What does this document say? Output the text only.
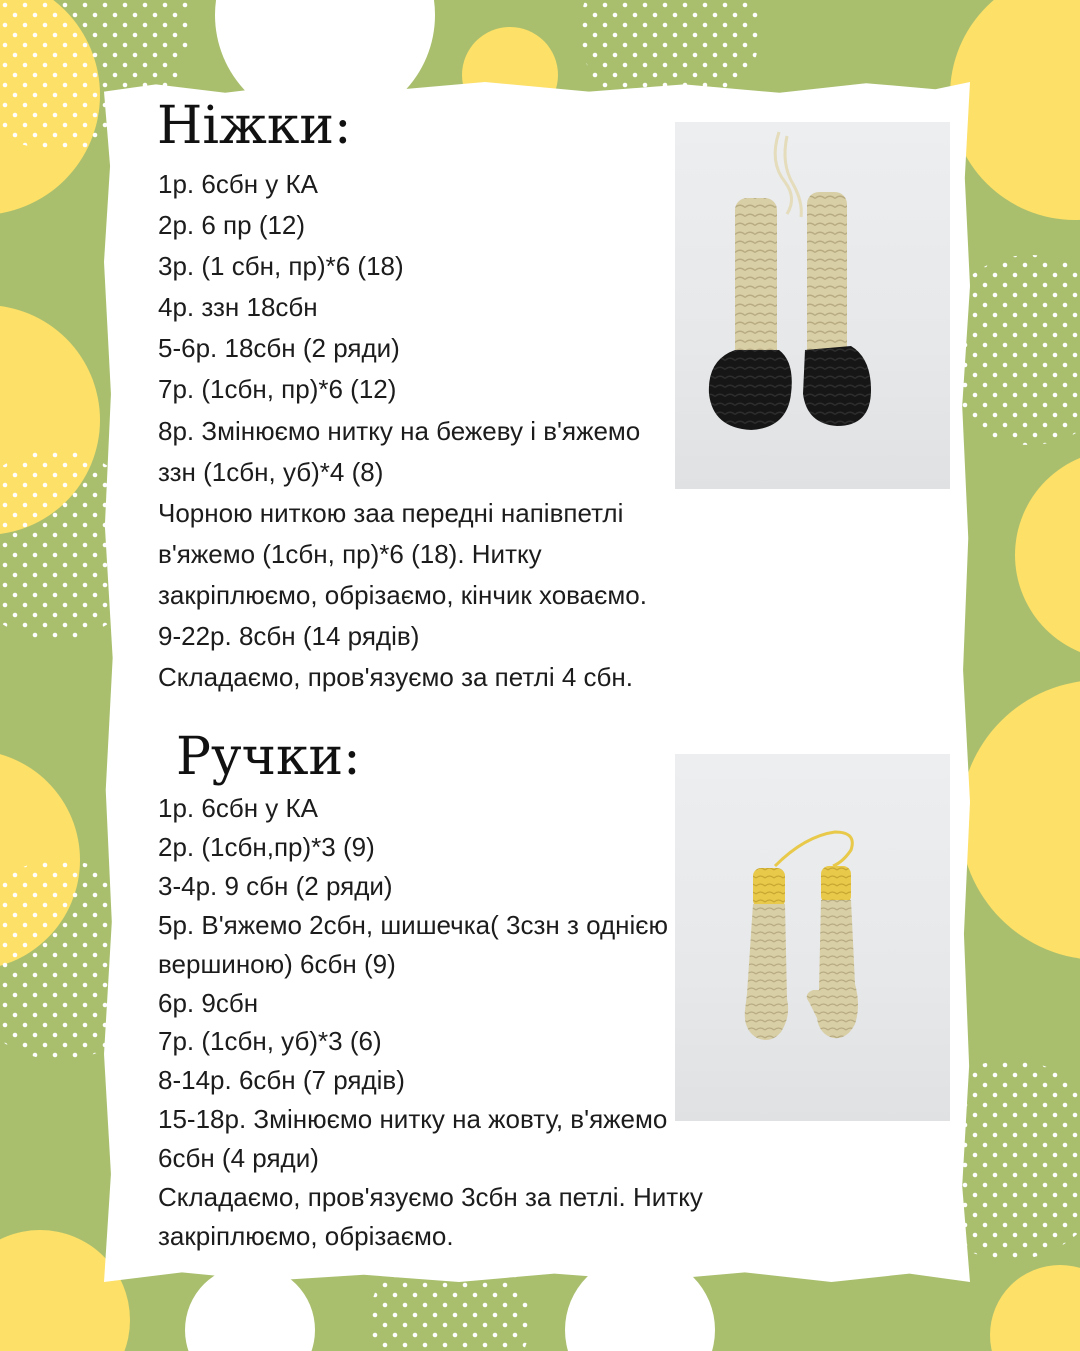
Ніжки:
1р. 6сбн у КА
2р. 6 пр (12)
3р. (1 сбн, пр)*6 (18)
4р. ззн 18сбн
5-6р. 18сбн (2 ряди)
7р. (1сбн, пр)*6 (12)
8р. Змінюємо нитку на бежеву і в'яжемо
ззн (1сбн, уб)*4 (8)
Чорною ниткою заа передні напівпетлі
в'яжемо (1сбн, пр)*6 (18). Нитку
закріплюємо, обрізаємо, кінчик ховаємо.
9-22р. 8сбн (14 рядів)
Складаємо, пров'язуємо за петлі 4 сбн.
Ручки:
1р. 6сбн у КА
2р. (1сбн,пр)*3 (9)
3-4р. 9 сбн (2 ряди)
5р. В'яжемо 2сбн, шишечка( 3сзн з однією
вершиною) 6сбн (9)
6р. 9сбн
7р. (1сбн, уб)*3 (6)
8-14р. 6сбн (7 рядів)
15-18р. Змінюємо нитку на жовту, в'яжемо
6сбн (4 ряди)
Складаємо, пров'язуємо 3сбн за петлі. Нитку
закріплюємо, обрізаємо.
